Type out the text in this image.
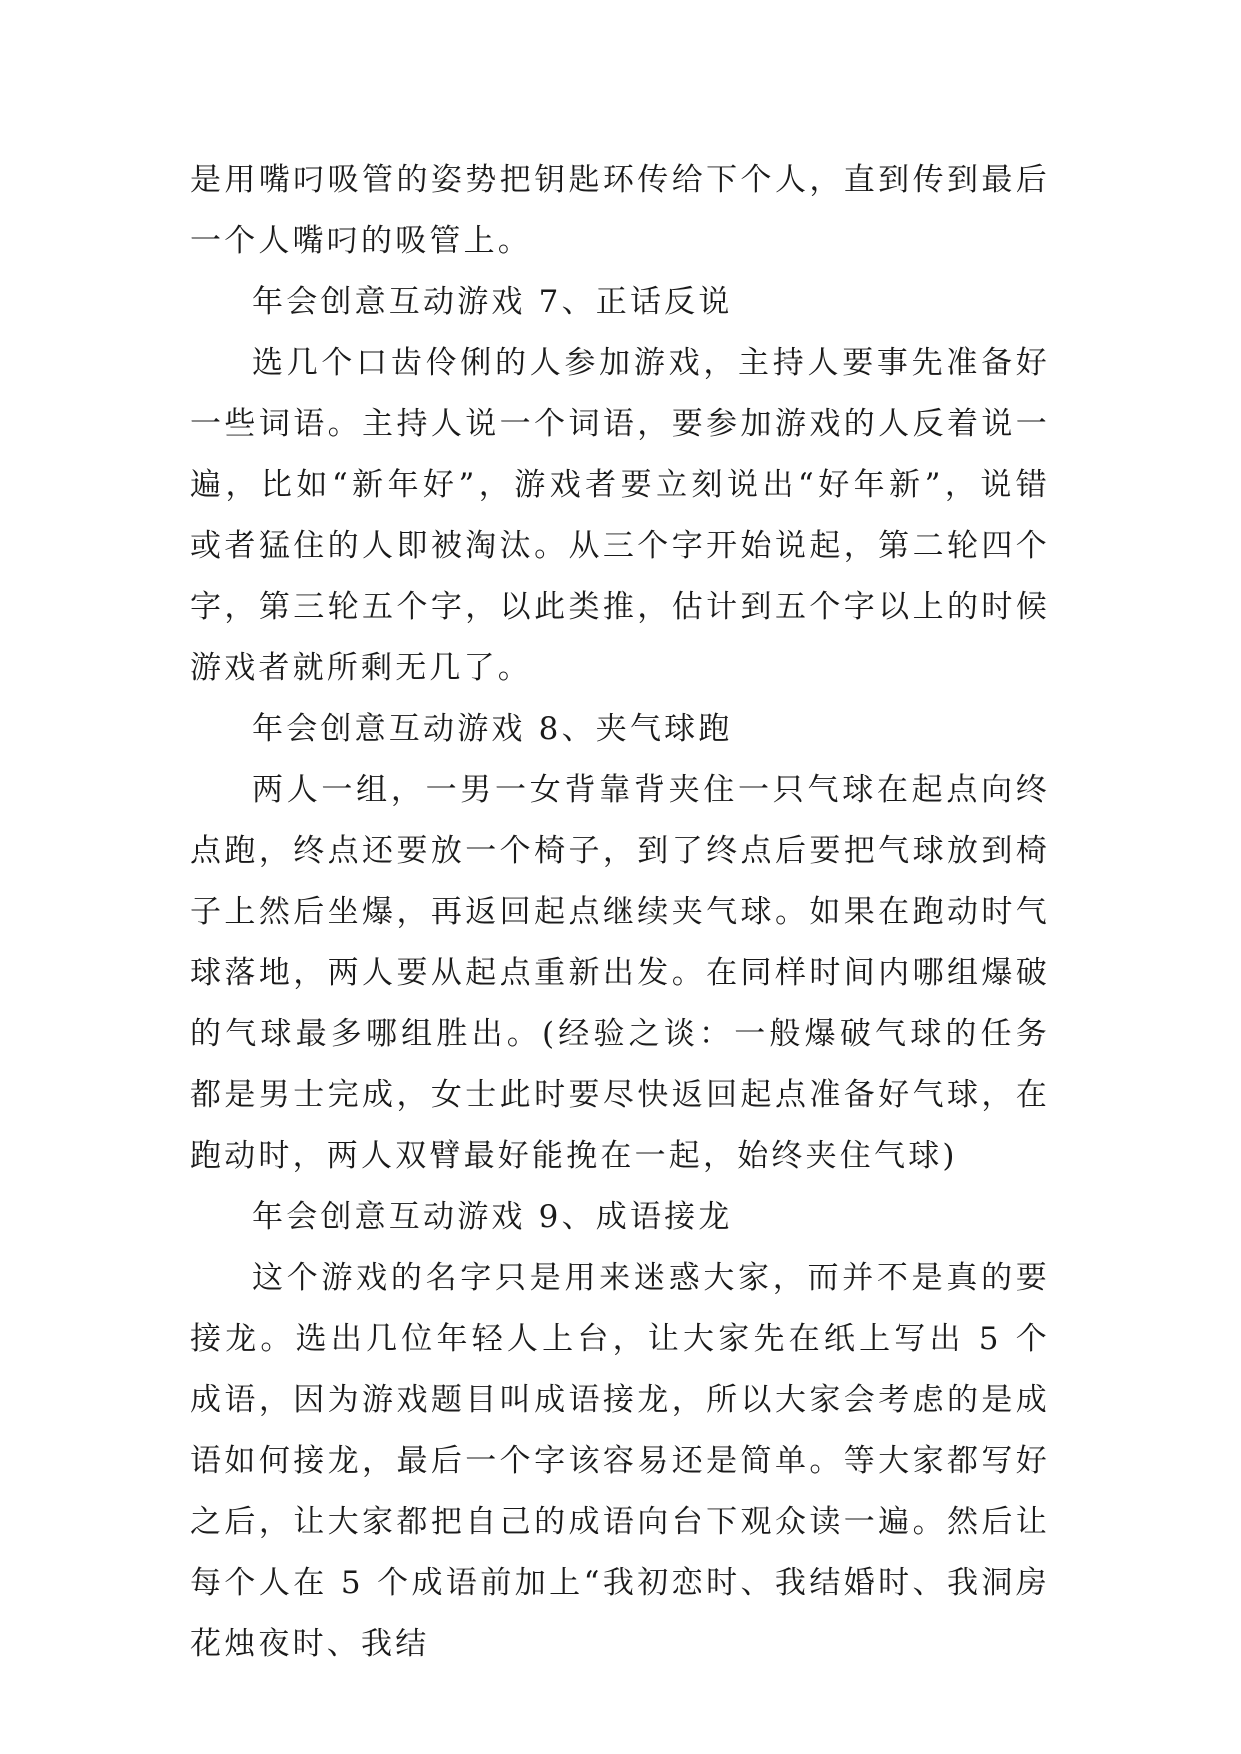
是用嘴叼吸管的姿势把钥匙环传给下个人，直到传到最后一个人嘴叼的吸管上。

年会创意互动游戏 7、正话反说

选几个口齿伶俐的人参加游戏，主持人要事先准备好一些词语。主持人说一个词语，要参加游戏的人反着说一遍，比如“新年好”，游戏者要立刻说出“好年新”，说错或者猛住的人即被淘汰。从三个字开始说起，第二轮四个字，第三轮五个字，以此类推，估计到五个字以上的时候游戏者就所剩无几了。

年会创意互动游戏 8、夹气球跑

两人一组，一男一女背靠背夹住一只气球在起点向终点跑，终点还要放一个椅子，到了终点后要把气球放到椅子上然后坐爆，再返回起点继续夹气球。如果在跑动时气球落地，两人要从起点重新出发。在同样时间内哪组爆破的气球最多哪组胜出。(经验之谈：一般爆破气球的任务都是男士完成，女士此时要尽快返回起点准备好气球，在跑动时，两人双臂最好能挽在一起，始终夹住气球)

年会创意互动游戏 9、成语接龙

这个游戏的名字只是用来迷惑大家，而并不是真的要接龙。选出几位年轻人上台，让大家先在纸上写出 5 个成语，因为游戏题目叫成语接龙，所以大家会考虑的是成语如何接龙，最后一个字该容易还是简单。等大家都写好之后，让大家都把自己的成语向台下观众读一遍。然后让每个人在 5 个成语前加上“我初恋时、我结婚时、我洞房花烛夜时、我结
